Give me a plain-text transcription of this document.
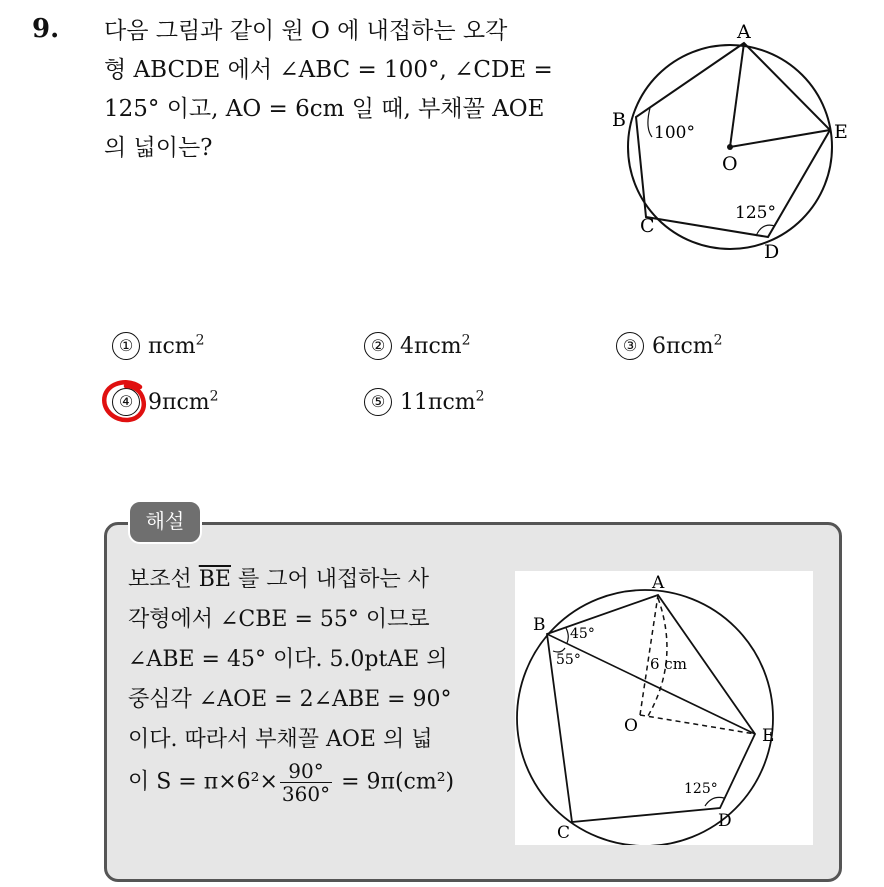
9. 다음 그림과 같이 원 O 에 내접하는 오각
형 ABCDE 에서 ∠ABC = 100°, ∠CDE =
125° 이고, AO = 6cm 일 때, 부채꼴 AOE
의 넓이는?
A
B
C
D
E
O
100°
125°
① πcm$^2$	② 4πcm$^2$	③ 6πcm$^2$
④ 9πcm$^2$	⑤ 11πcm$^2$
해설
보조선 $\overline{BE}$ 를 그어 내접하는 사
각형에서 ∠CBE = 55° 이므로
∠ABE = 45° 이다. 5.0ptAE 의
중심각 ∠AOE = 2∠ABE = 90°
이다. 따라서 부채꼴 AOE 의 넓
이 $S = \pi\times 6^2\times \frac{90^\circ}{360^\circ} = 9\pi(cm^2)$
A
B
C
D
E
O
45°
55°	6 cm
125°
